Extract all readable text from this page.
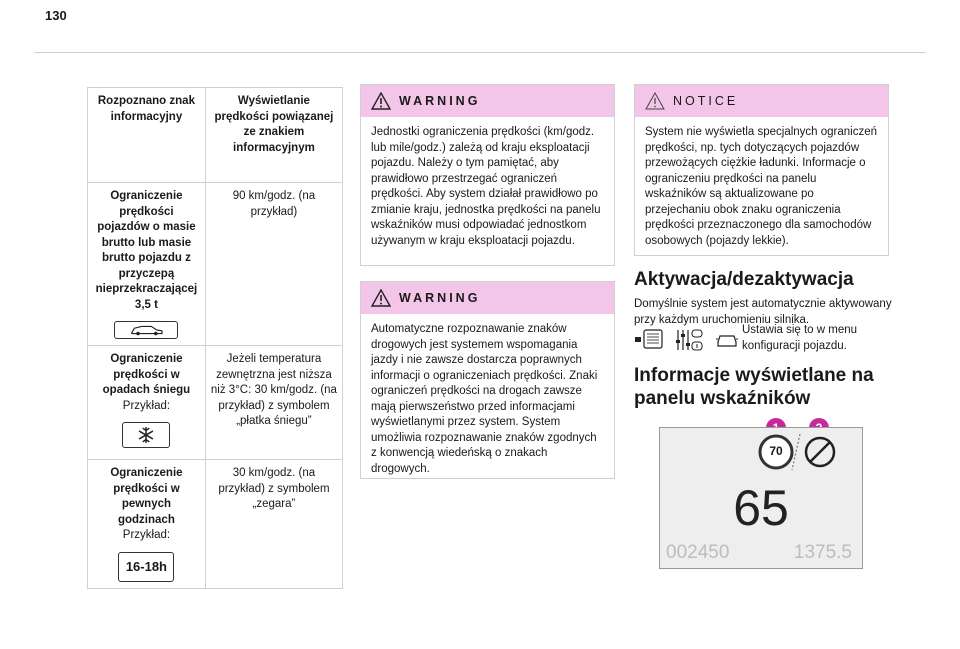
130
Rozpoznano znak informacyjny	Wyświetlanie prędkości powiązanej ze znakiem informacyjnym

Ograniczenie prędkości pojazdów o masie brutto lub masie brutto pojazdu z przyczepą nieprzekraczającej 3,5 t	90 km/godz. (na przykład)

Ograniczenie prędkości w opadach śniegu
Przykład:	Jeżeli temperatura zewnętrzna jest niższa niż 3°C: 30 km/godz. (na przykład) z symbolem „płatka śniegu”

Ograniczenie prędkości w pewnych godzinach
Przykład:
16-18h	30 km/godz. (na przykład) z symbolem „zegara”
WARNING
Jednostki ograniczenia prędkości (km/godz. lub mile/godz.) zależą od kraju eksploatacji pojazdu. Należy o tym pamiętać, aby prawidłowo przestrzegać ograniczeń prędkości. Aby system działał prawidłowo po zmianie kraju, jednostka prędkości na panelu wskaźników musi odpowiadać jednostkom używanym w kraju eksploatacji pojazdu.
WARNING
Automatyczne rozpoznawanie znaków drogowych jest systemem wspomagania jazdy i nie zawsze dostarcza poprawnych informacji o ograniczeniach prędkości. Znaki ograniczeń prędkości na drogach zawsze mają pierwszeństwo przed informacjami wyświetlanymi przez system. System umożliwia rozpoznawanie znaków zgodnych z konwencją wiedeńską o znakach drogowych.
NOTICE
System nie wyświetla specjalnych ograniczeń prędkości, np. tych dotyczących pojazdów przewożących ciężkie ładunki. Informacje o ograniczeniu prędkości na panelu wskaźników są aktualizowane po przejechaniu obok znaku ograniczenia prędkości przeznaczonego dla samochodów osobowych (pojazdy lekkie).
Aktywacja/dezaktywacja
Domyślnie system jest automatycznie aktywowany przy każdym uruchomieniu silnika.
Ustawia się to w menu konfiguracji pojazdu.
Informacje wyświetlane na panelu wskaźników
70
65
002450	1375.5
